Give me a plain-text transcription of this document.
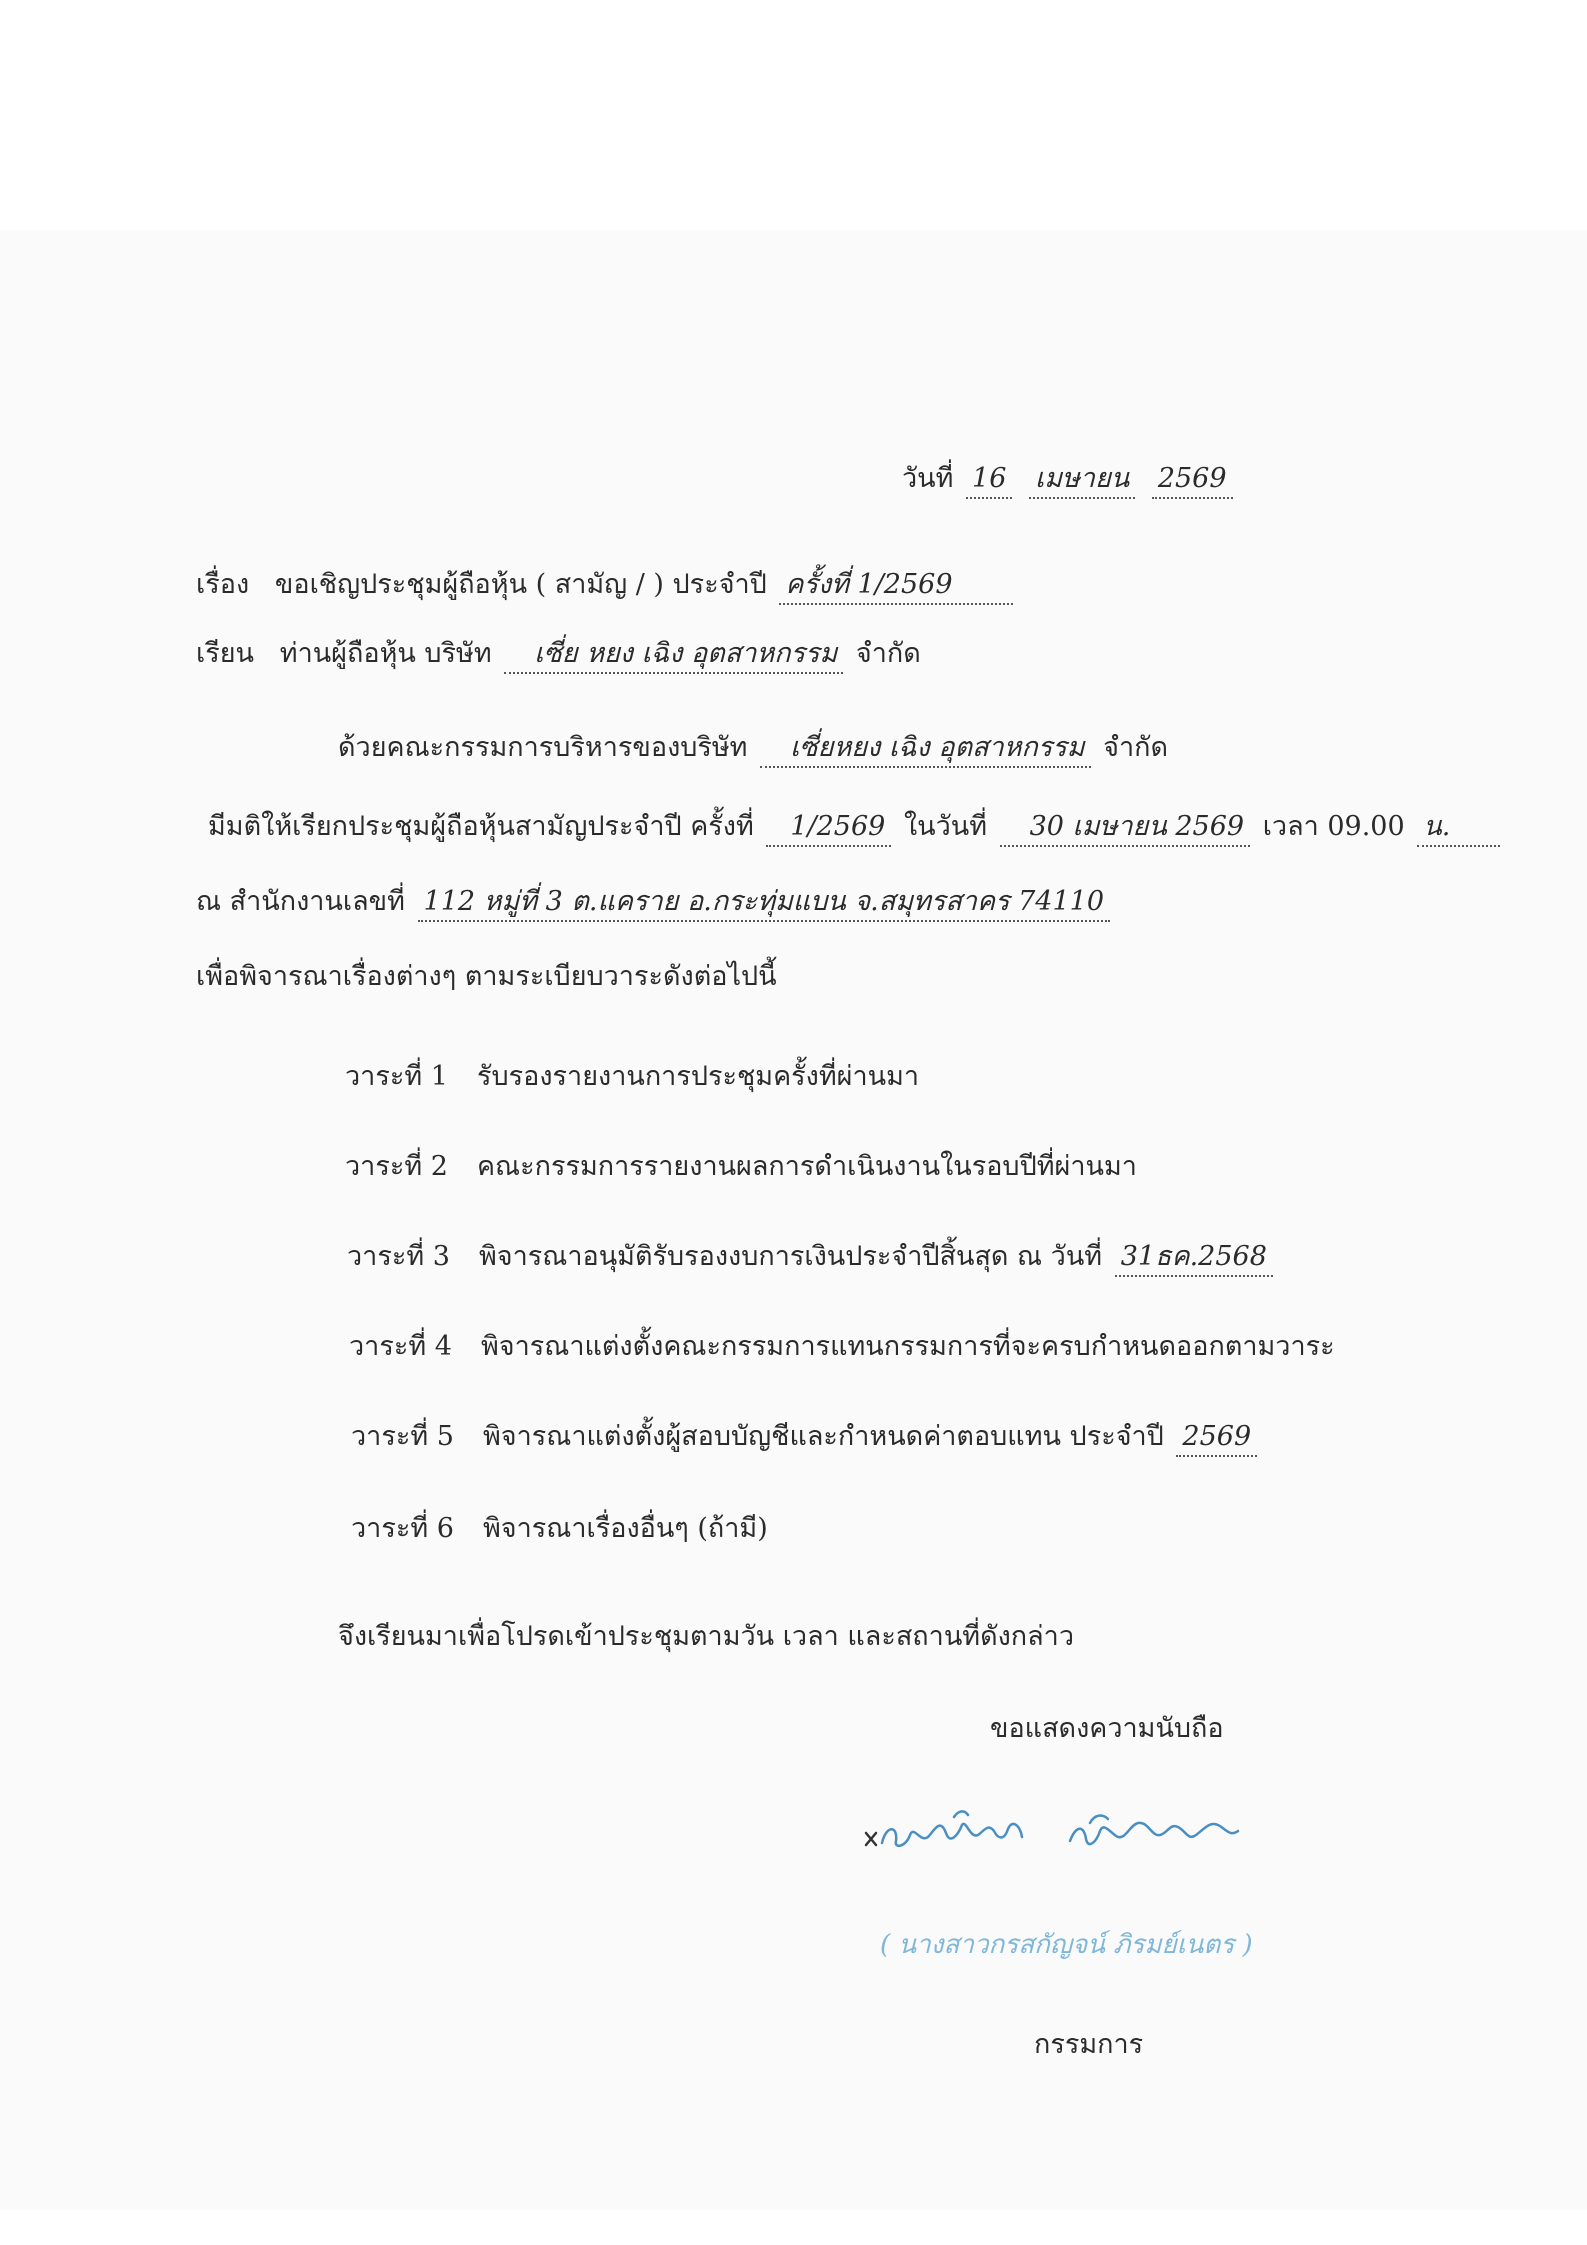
วันที่ 16 เมษายน 2569
เรื่อง ขอเชิญประชุมผู้ถือหุ้น ( สามัญ / ) ประจำปี ครั้งที่ 1/2569
เรียน ท่านผู้ถือหุ้น บริษัท เซี่ย หยง เฉิง อุตสาหกรรม จำกัด
ด้วยคณะกรรมการบริหารของบริษัท เซี่ยหยง เฉิง อุตสาหกรรม จำกัด
มีมติให้เรียกประชุมผู้ถือหุ้นสามัญประจำปี ครั้งที่ 1/2569 ในวันที่ 30 เมษายน 2569 เวลา 09.00 น.
ณ สำนักงานเลขที่ 112 หมู่ที่ 3 ต.แคราย อ.กระทุ่มแบน จ.สมุทรสาคร 74110
เพื่อพิจารณาเรื่องต่างๆ ตามระเบียบวาระดังต่อไปนี้
วาระที่ 1 รับรองรายงานการประชุมครั้งที่ผ่านมา
วาระที่ 2 คณะกรรมการรายงานผลการดำเนินงานในรอบปีที่ผ่านมา
วาระที่ 3 พิจารณาอนุมัติรับรองงบการเงินประจำปีสิ้นสุด ณ วันที่ 31ธค.2568
วาระที่ 4 พิจารณาแต่งตั้งคณะกรรมการแทนกรรมการที่จะครบกำหนดออกตามวาระ
วาระที่ 5 พิจารณาแต่งตั้งผู้สอบบัญชีและกำหนดค่าตอบแทน ประจำปี 2569
วาระที่ 6 พิจารณาเรื่องอื่นๆ (ถ้ามี)
จึงเรียนมาเพื่อโปรดเข้าประชุมตามวัน เวลา และสถานที่ดังกล่าว
ขอแสดงความนับถือ
( นางสาวกรสกัญจน์ ภิรมย์เนตร )
กรรมการ
